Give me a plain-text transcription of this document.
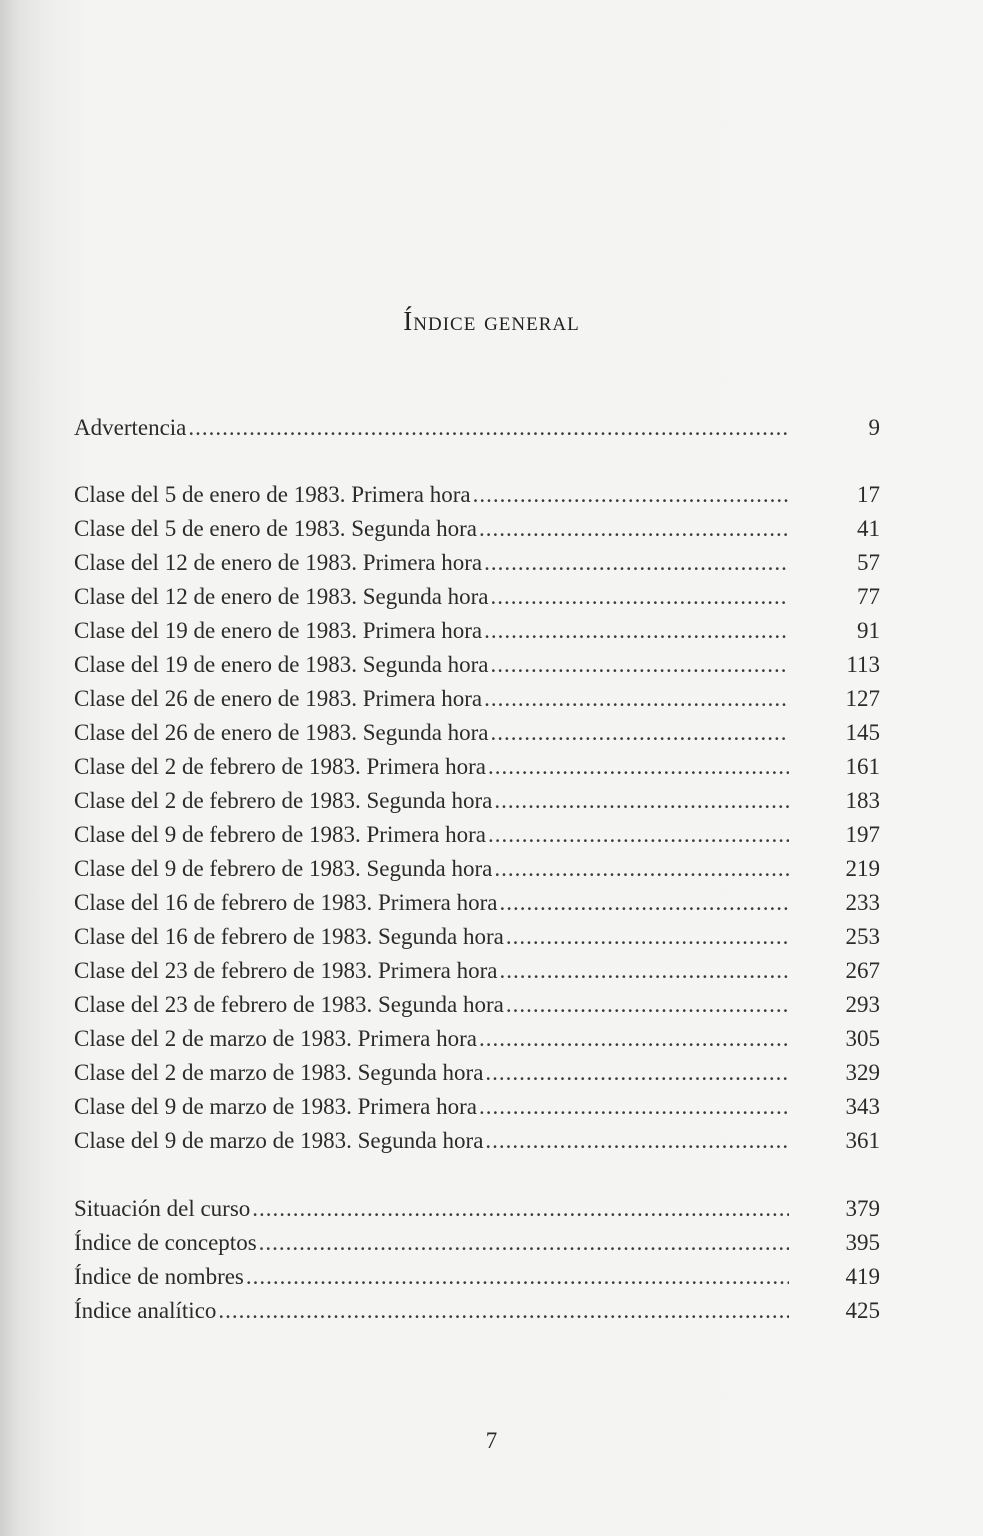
Índice general
Advertencia .....	9
Clase del 5 de enero de 1983. Primera hora .....	17
Clase del 5 de enero de 1983. Segunda hora .....	41
Clase del 12 de enero de 1983. Primera hora .....	57
Clase del 12 de enero de 1983. Segunda hora .....	77
Clase del 19 de enero de 1983. Primera hora .....	91
Clase del 19 de enero de 1983. Segunda hora .....	113
Clase del 26 de enero de 1983. Primera hora .....	127
Clase del 26 de enero de 1983. Segunda hora .....	145
Clase del 2 de febrero de 1983. Primera hora .....	161
Clase del 2 de febrero de 1983. Segunda hora .....	183
Clase del 9 de febrero de 1983. Primera hora .....	197
Clase del 9 de febrero de 1983. Segunda hora .....	219
Clase del 16 de febrero de 1983. Primera hora .....	233
Clase del 16 de febrero de 1983. Segunda hora .....	253
Clase del 23 de febrero de 1983. Primera hora .....	267
Clase del 23 de febrero de 1983. Segunda hora .....	293
Clase del 2 de marzo de 1983. Primera hora .....	305
Clase del 2 de marzo de 1983. Segunda hora .....	329
Clase del 9 de marzo de 1983. Primera hora .....	343
Clase del 9 de marzo de 1983. Segunda hora .....	361
Situación del curso .....	379
Índice de conceptos .....	395
Índice de nombres .....	419
Índice analítico .....	425
7
